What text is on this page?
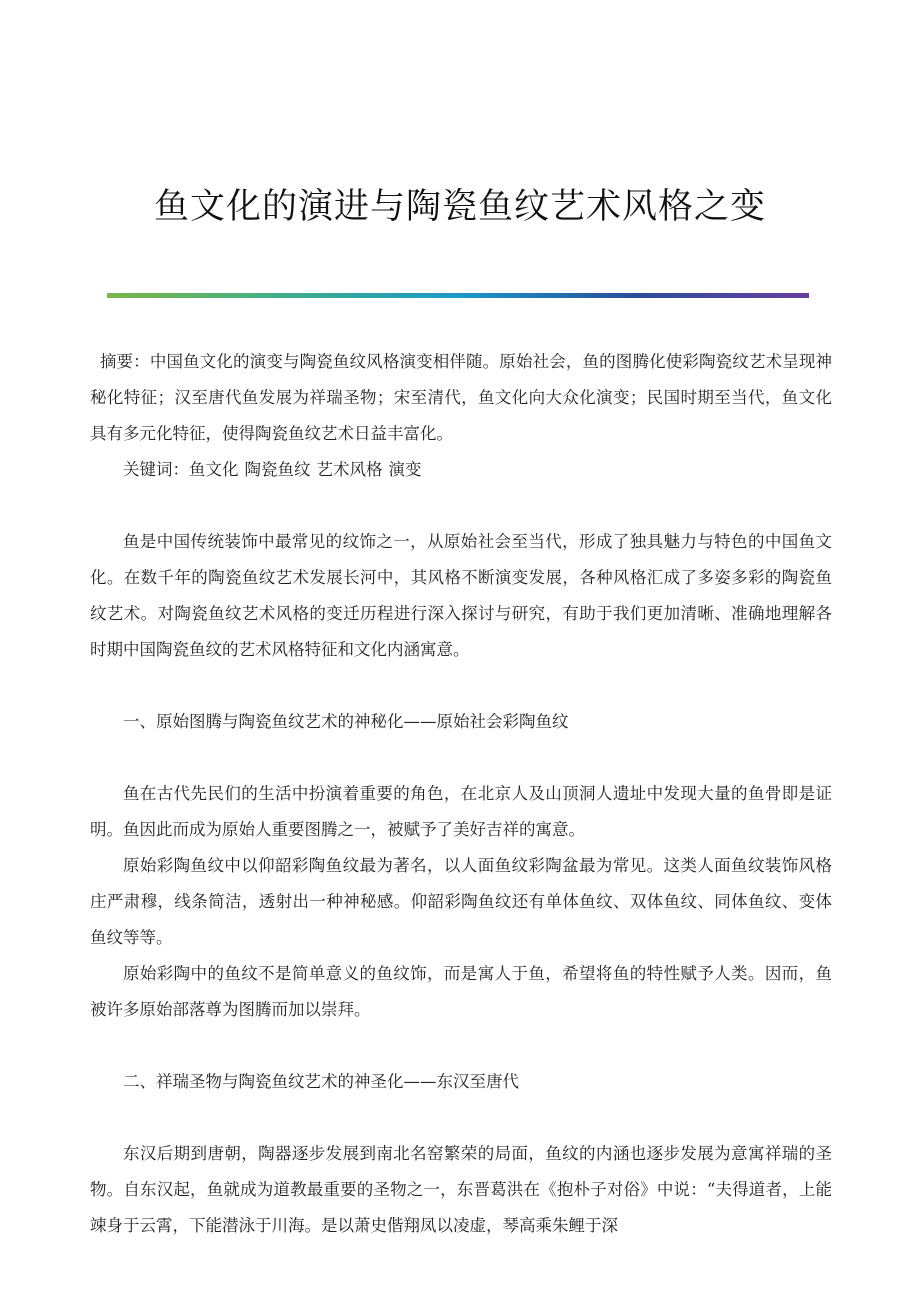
鱼文化的演进与陶瓷鱼纹艺术风格之变

摘要：中国鱼文化的演变与陶瓷鱼纹风格演变相伴随。原始社会，鱼的图腾化使彩陶瓷纹艺术呈现神秘化特征；汉至唐代鱼发展为祥瑞圣物；宋至清代，鱼文化向大众化演变；民国时期至当代，鱼文化具有多元化特征，使得陶瓷鱼纹艺术日益丰富化。

关键词：鱼文化 陶瓷鱼纹 艺术风格 演变

鱼是中国传统装饰中最常见的纹饰之一，从原始社会至当代，形成了独具魅力与特色的中国鱼文化。在数千年的陶瓷鱼纹艺术发展长河中，其风格不断演变发展，各种风格汇成了多姿多彩的陶瓷鱼纹艺术。对陶瓷鱼纹艺术风格的变迁历程进行深入探讨与研究，有助于我们更加清晰、准确地理解各时期中国陶瓷鱼纹的艺术风格特征和文化内涵寓意。

一、原始图腾与陶瓷鱼纹艺术的神秘化——原始社会彩陶鱼纹

鱼在古代先民们的生活中扮演着重要的角色，在北京人及山顶洞人遗址中发现大量的鱼骨即是证明。鱼因此而成为原始人重要图腾之一，被赋予了美好吉祥的寓意。

原始彩陶鱼纹中以仰韶彩陶鱼纹最为著名，以人面鱼纹彩陶盆最为常见。这类人面鱼纹装饰风格庄严肃穆，线条简洁，透射出一种神秘感。仰韶彩陶鱼纹还有单体鱼纹、双体鱼纹、同体鱼纹、变体鱼纹等等。

原始彩陶中的鱼纹不是简单意义的鱼纹饰，而是寓人于鱼，希望将鱼的特性赋予人类。因而，鱼被许多原始部落尊为图腾而加以崇拜。

二、祥瑞圣物与陶瓷鱼纹艺术的神圣化——东汉至唐代

东汉后期到唐朝，陶器逐步发展到南北名窑繁荣的局面，鱼纹的内涵也逐步发展为意寓祥瑞的圣物。自东汉起，鱼就成为道教最重要的圣物之一，东晋葛洪在《抱朴子对俗》中说：“夫得道者，上能竦身于云霄，下能潜泳于川海。是以萧史偕翔凤以凌虚，琴高乘朱鲤于深
